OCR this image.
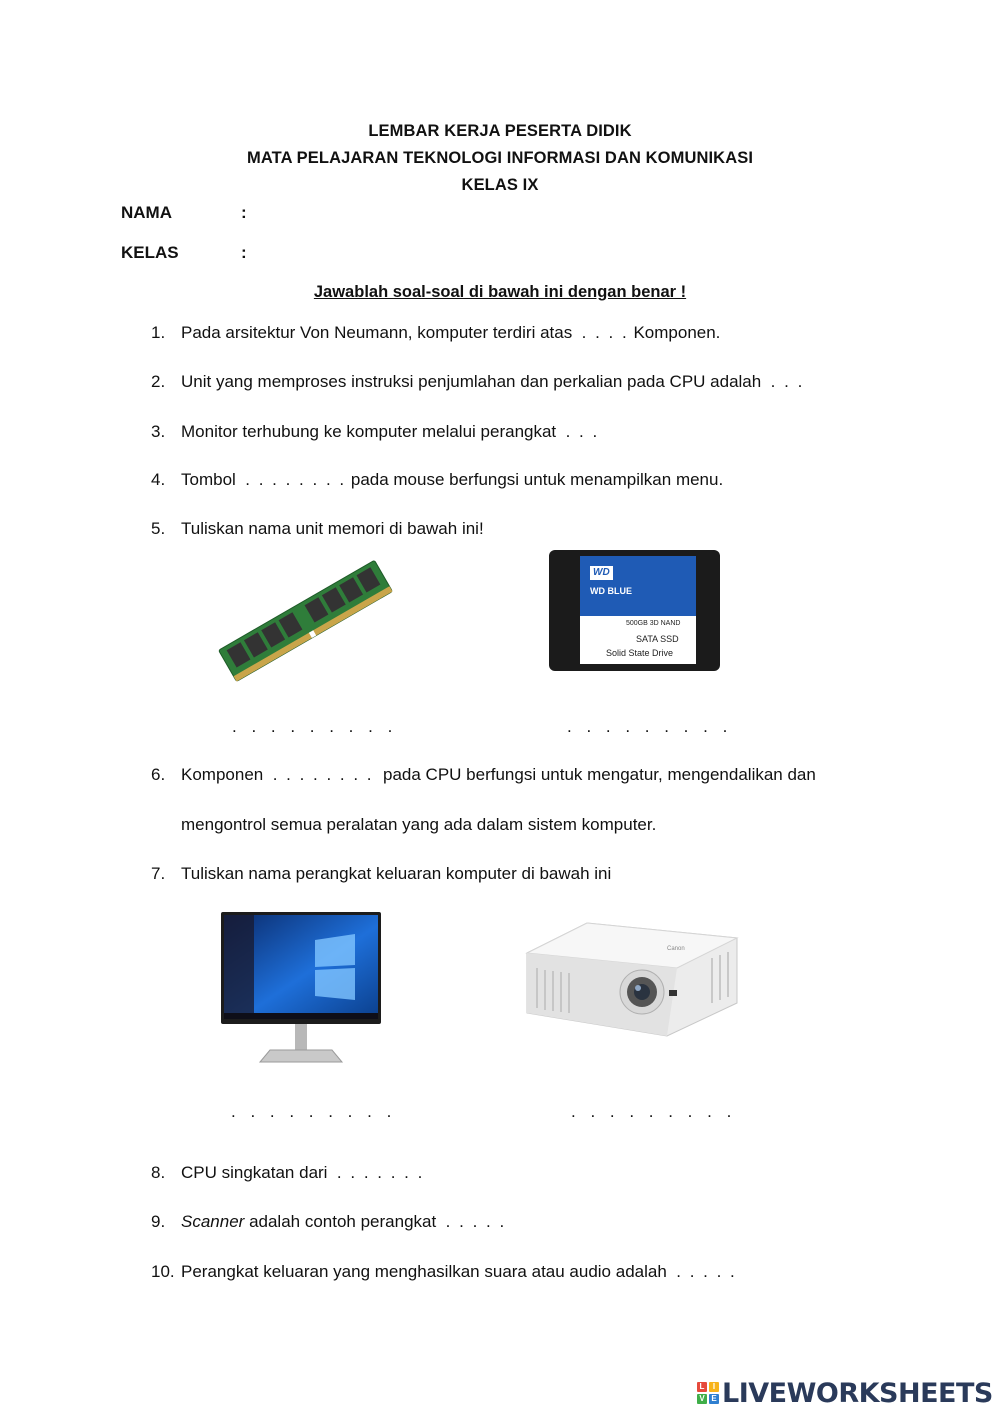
LEMBAR KERJA PESERTA DIDIK
MATA PELAJARAN TEKNOLOGI INFORMASI DAN KOMUNIKASI
KELAS IX
NAMA	:
KELAS	:
Jawablah soal-soal di bawah ini dengan benar !
1. Pada arsitektur Von Neumann, komputer terdiri atas . . . . Komponen.
2. Unit yang memproses instruksi penjumlahan dan perkalian pada CPU adalah . . .
3. Monitor terhubung ke komputer melalui perangkat . . .
4. Tombol . . . . . . . . pada mouse berfungsi untuk menampilkan menu.
5. Tuliskan nama unit memori di bawah ini!
WD
WD BLUE
500GB 3D NAND
SATA SSD
Solid State Drive
. . . . . . . . .	. . . . . . . . .
6. Komponen . . . . . . . . pada CPU berfungsi untuk mengatur, mengendalikan dan
mengontrol semua peralatan yang ada dalam sistem komputer.
7. Tuliskan nama perangkat keluaran komputer di bawah ini
Canon
. . . . . . . . .	. . . . . . . . .
8. CPU singkatan dari . . . . . . .
9. Scanner adalah contoh perangkat . . . . .
10. Perangkat keluaran yang menghasilkan suara atau audio adalah . . . . .
L	I
V E LIVEWORKSHEETS
